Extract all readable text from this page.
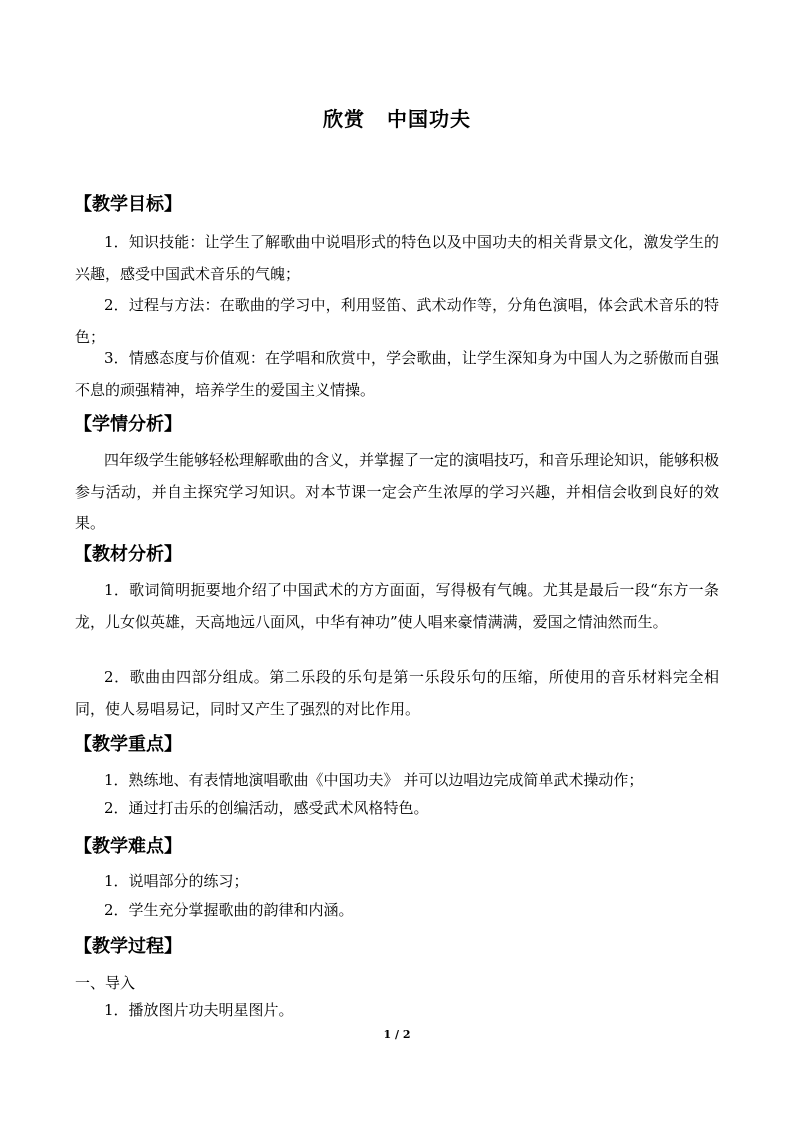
欣赏 中国功夫
【教学目标】
1．知识技能：让学生了解歌曲中说唱形式的特色以及中国功夫的相关背景文化，激发学生的兴趣，感受中国武术音乐的气魄；
2．过程与方法：在歌曲的学习中，利用竖笛、武术动作等，分角色演唱，体会武术音乐的特色；
3．情感态度与价值观：在学唱和欣赏中，学会歌曲，让学生深知身为中国人为之骄傲而自强不息的顽强精神，培养学生的爱国主义情操。
【学情分析】
四年级学生能够轻松理解歌曲的含义，并掌握了一定的演唱技巧，和音乐理论知识，能够积极参与活动，并自主探究学习知识。对本节课一定会产生浓厚的学习兴趣，并相信会收到良好的效果。
【教材分析】
1．歌词简明扼要地介绍了中国武术的方方面面，写得极有气魄。尤其是最后一段“东方一条龙，儿女似英雄，天高地远八面风，中华有神功”使人唱来豪情满满，爱国之情油然而生。
2．歌曲由四部分组成。第二乐段的乐句是第一乐段乐句的压缩，所使用的音乐材料完全相同，使人易唱易记，同时又产生了强烈的对比作用。
【教学重点】
1．熟练地、有表情地演唱歌曲《中国功夫》 并可以边唱边完成简单武术操动作；
2．通过打击乐的创编活动，感受武术风格特色。
【教学难点】
1．说唱部分的练习；
2．学生充分掌握歌曲的韵律和内涵。
【教学过程】
一、导入
1．播放图片功夫明星图片。
1 / 2
